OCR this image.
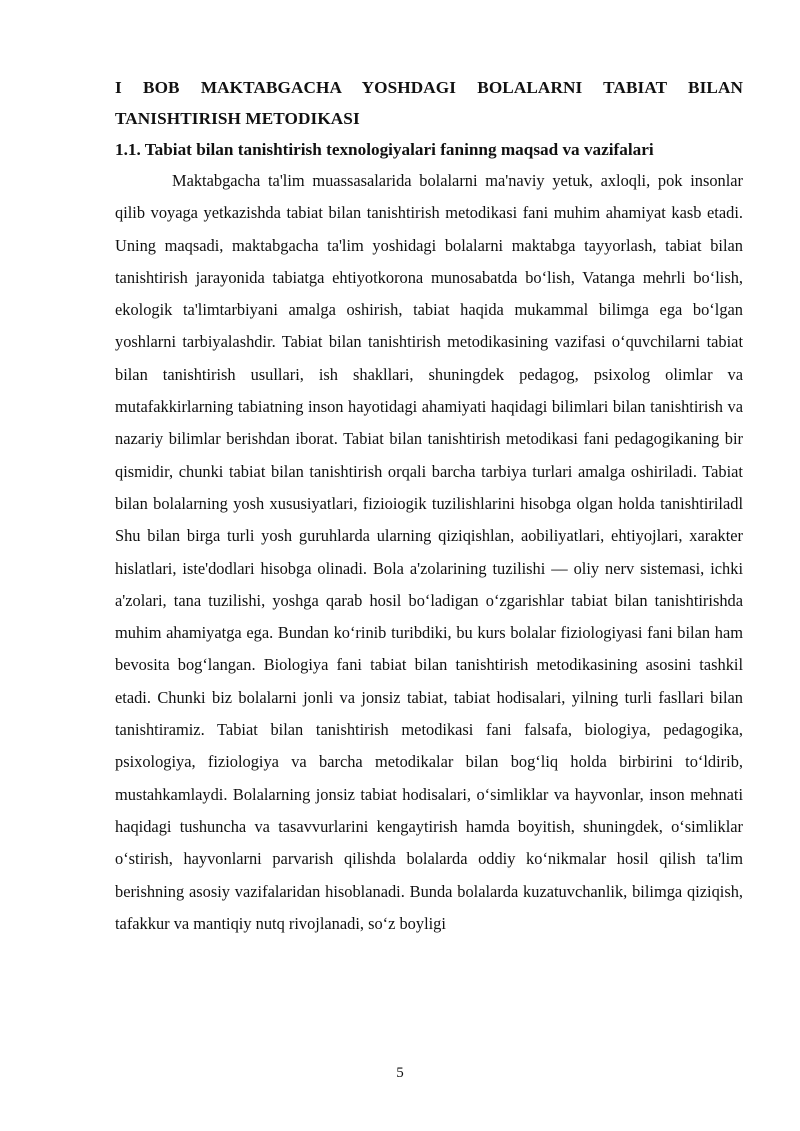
I BOB MAKTABGACHA YOSHDAGI BOLALARNI TABIAT BILAN TANISHTIRISH METODIKASI
1.1. Tabiat bilan tanishtirish texnologiyalari faninng maqsad va vazifalari

Maktabgacha ta'lim muassasalarida bolalarni ma'naviy yetuk, axloqli, pok insonlar qilib voyaga yetkazishda tabiat bilan tanishtirish metodikasi fani muhim ahamiyat kasb etadi. Uning maqsadi, maktabgacha ta'lim yoshidagi bolalarni maktabga tayyorlash, tabiat bilan tanishtirish jarayonida tabiatga ehtiyotkorona munosabatda bo‘lish, Vatanga mehrli bo‘lish, ekologik ta'limtarbiyani amalga oshirish, tabiat haqida mukammal bilimga ega bo‘lgan yoshlarni tarbiyalashdir. Tabiat bilan tanishtirish metodikasining vazifasi o‘quvchilarni tabiat bilan tanishtirish usullari, ish shakllari, shuningdek pedagog, psixolog olimlar va mutafakkirlarning tabiatning inson hayotidagi ahamiyati haqidagi bilimlari bilan tanishtirish va nazariy bilimlar berishdan iborat. Tabiat bilan tanishtirish metodikasi fani pedagogikaning bir qismidir, chunki tabiat bilan tanishtirish orqali barcha tarbiya turlari amalga oshiriladi. Tabiat bilan bolalarning yosh xususiyatlari, fizioiogik tuzilishlarini hisobga olgan holda tanishtiriladl Shu bilan birga turli yosh guruhlarda ularning qiziqishlan, aobiliyatlari, ehtiyojlari, xarakter hislatlari, iste'dodlari hisobga olinadi. Bola a'zolarining tuzilishi — oliy nerv sistemasi, ichki a'zolari, tana tuzilishi, yoshga qarab hosil bo‘ladigan o‘zgarishlar tabiat bilan tanishtirishda muhim ahamiyatga ega. Bundan ko‘rinib turibdiki, bu kurs bolalar fiziologiyasi fani bilan ham bevosita bog‘langan. Biologiya fani tabiat bilan tanishtirish metodikasining asosini tashkil etadi. Chunki biz bolalarni jonli va jonsiz tabiat, tabiat hodisalari, yilning turli fasllari bilan tanishtiramiz. Tabiat bilan tanishtirish metodikasi fani falsafa, biologiya, pedagogika, psixologiya, fiziologiya va barcha metodikalar bilan bog‘liq holda birbirini to‘ldirib, mustahkamlaydi. Bolalarning jonsiz tabiat hodisalari, o‘simliklar va hayvonlar, inson mehnati haqidagi tushuncha va tasavvurlarini kengaytirish hamda boyitish, shuningdek, o‘simliklar o‘stirish, hayvonlarni parvarish qilishda bolalarda oddiy ko‘nikmalar hosil qilish ta'lim berishning asosiy vazifalaridan hisoblanadi. Bunda bolalarda kuzatuvchanlik, bilimga qiziqish, tafakkur va mantiqiy nutq rivojlanadi, so‘z boyligi

5
